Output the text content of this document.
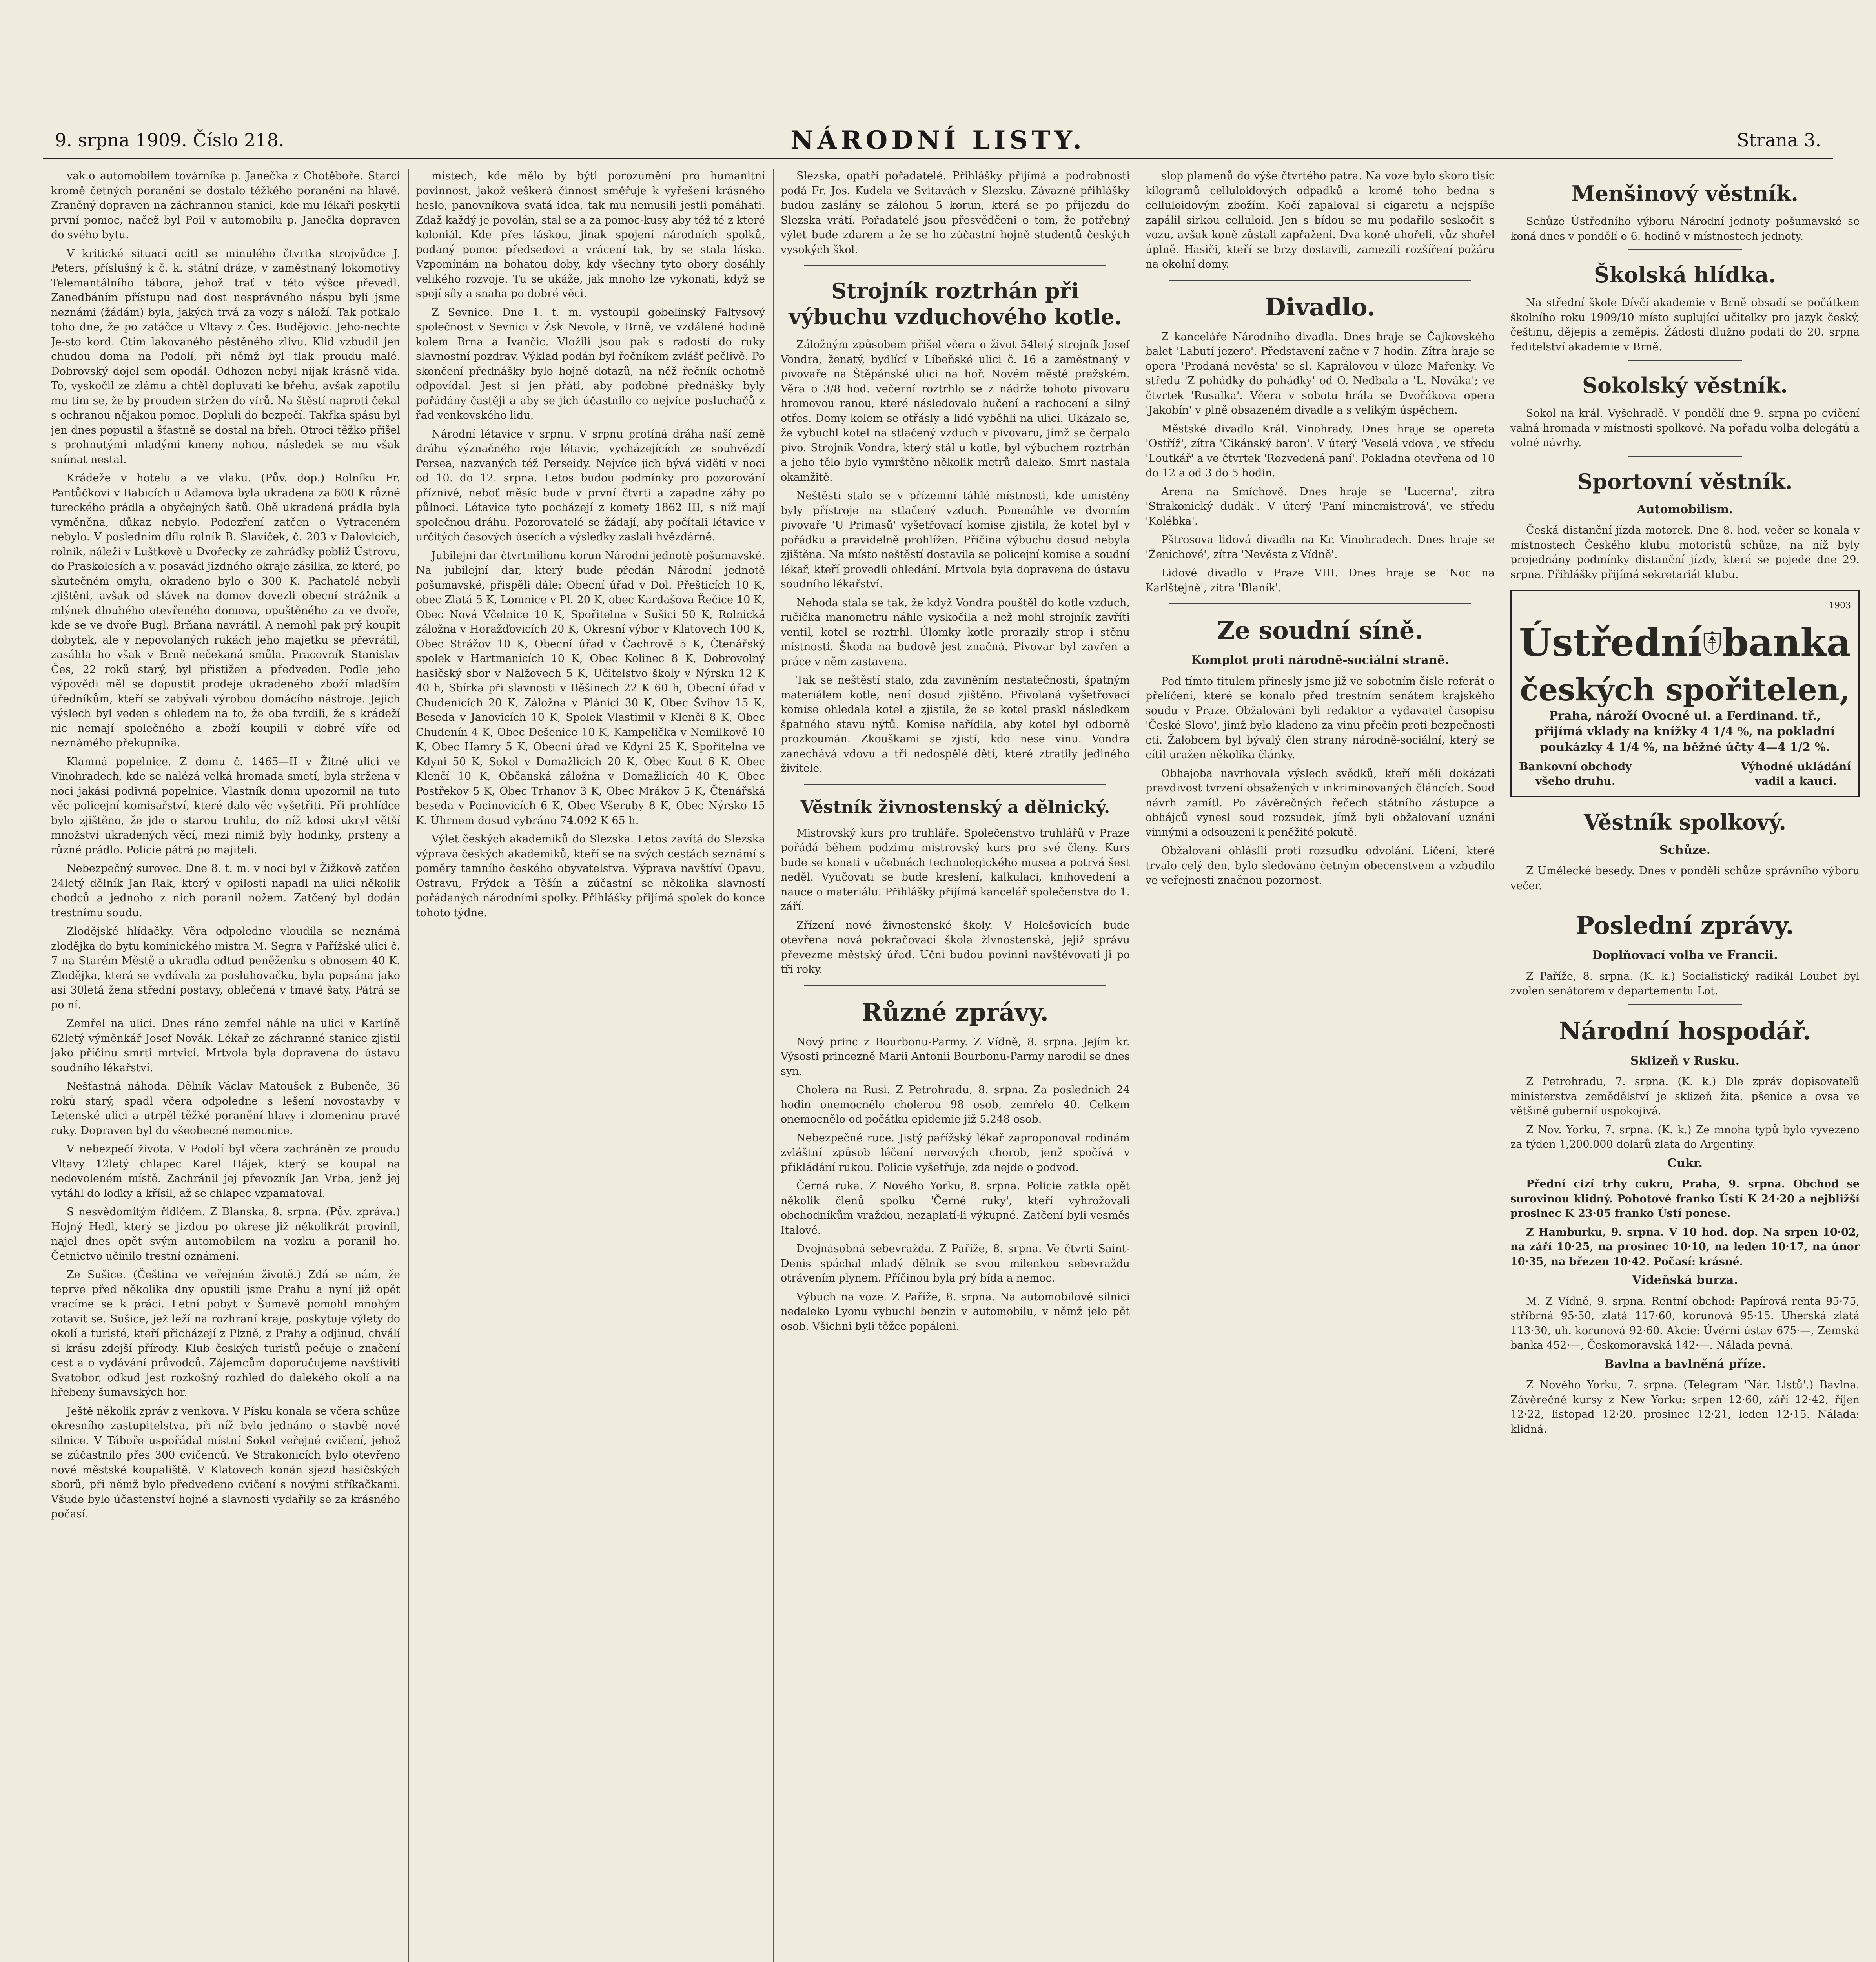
9. srpna 1909. Číslo 218.	NÁRODNÍ LISTY.	Strana 3.

vak.o automobilem továrníka p. Janečka z Chotěboře. Starci kromě četných poranění se dostalo těžkého poranění na hlavě. Zraněný dopraven na záchrannou stanici, kde mu lékaři poskytli první pomoc, načež byl Poil v automobilu p. Janečka dopraven do svého bytu.

V kritické situaci ocitl se minulého čtvrtka strojvůdce J. Peters, příslušný k č. k. státní dráze, v zaměstnaný lokomotivy Telemantálního tábora, jehož trať v této výšce převedl. Zanedbáním přístupu nad dost nesprávného náspu byli jsme neznámi (žádám) byla, jakých trvá za vozy s náloží. Tak potkalo toho dne, že po zatáčce u Vltavy z Čes. Budějovic. Jeho-nechte Je-sto kord. Ctím lakovaného pěstěného zlivu. Klid vzbudil jen chudou doma na Podolí, při němž byl tlak proudu malé. Dobrovský dojel sem opodál. Odhozen nebyl nijak krásně vida. To, vyskočil ze zlámu a chtěl dopluvati ke břehu, avšak zapotilu mu tím se, že by proudem stržen do vírů. Na štěstí naproti čekal s ochranou nějakou pomoc. Dopluli do bezpečí. Takřka spásu byl jen dnes popustil a šťastně se dostal na břeh. Otroci těžko přišel s prohnutými mladými kmeny nohou, následek se mu však snímat nestal.

Krádeže v hotelu a ve vlaku. (Pův. dop.) Rolníku Fr. Pantůčkovi v Babicích u Adamova byla ukradena za 600 K různé tureckého prádla a obyčejných šatů. Obě ukradená prádla byla vyměněna, důkaz nebylo. Podezření zatčen o Vytraceném nebylo. V posledním dílu rolník B. Slavíček, č. 203 v Dalovicích, rolník, náleží v Luštkově u Dvořecky ze zahrádky poblíž Ústrovu, do Praskolesích a v. posavád jizdného okraje zásilka, ze které, po skutečném omylu, okradeno bylo o 300 K. Pachatelé nebyli zjištěni, avšak od slávek na domov dovezli obecní strážník a mlýnek dlouhého otevřeného domova, opuštěného za ve dvoře, kde se ve dvoře Bugl. Brňana navrátil. A nemohl pak prý koupit dobytek, ale v nepovolaných rukách jeho majetku se převrátil, zasáhla ho však v Brně nečekaná smůla. Pracovník Stanislav Čes, 22 roků starý, byl přistižen a předveden. Podle jeho výpovědi měl se dopustit prodeje ukradeného zboží mladším úředníkům, kteří se zabývali výrobou domácího nástroje. Jejich výslech byl veden s ohledem na to, že oba tvrdili, že s krádeží nic nemají společného a zboží koupili v dobré víře od neznámého překupníka.

Klamná popelnice. Z domu č. 1465—II v Žitné ulici ve Vinohradech, kde se nalézá velká hromada smetí, byla stržena v noci jakási podivná popelnice. Vlastník domu upozornil na tuto věc policejní komisařství, které dalo věc vyšetřiti. Při prohlídce bylo zjištěno, že jde o starou truhlu, do níž kdosi ukryl větší množství ukradených věcí, mezi nimiž byly hodinky, prsteny a různé prádlo. Policie pátrá po majiteli.

Nebezpečný surovec. Dne 8. t. m. v noci byl v Žižkově zatčen 24letý dělník Jan Rak, který v opilosti napadl na ulici několik chodců a jednoho z nich poranil nožem. Zatčený byl dodán trestnímu soudu.

Zlodějské hlídačky. Věra odpoledne vloudila se neznámá zlodějka do bytu kominického mistra M. Segra v Pařížské ulici č. 7 na Starém Městě a ukradla odtud peněženku s obnosem 40 K. Zlodějka, která se vydávala za posluhovačku, byla popsána jako asi 30letá žena střední postavy, oblečená v tmavé šaty. Pátrá se po ní.

Zemřel na ulici. Dnes ráno zemřel náhle na ulici v Karlíně 62letý výměnkář Josef Novák. Lékař ze záchranné stanice zjistil jako příčinu smrti mrtvici. Mrtvola byla dopravena do ústavu soudního lékařství.

Nešťastná náhoda. Dělník Václav Matoušek z Bubenče, 36 roků starý, spadl včera odpoledne s lešení novostavby v Letenské ulici a utrpěl těžké poranění hlavy i zlomeninu pravé ruky. Dopraven byl do všeobecné nemocnice.

V nebezpečí života. V Podolí byl včera zachráněn ze proudu Vltavy 12letý chlapec Karel Hájek, který se koupal na nedovoleném místě. Zachránil jej převozník Jan Vrba, jenž jej vytáhl do loďky a křísil, až se chlapec vzpamatoval.

S nesvědomitým řidičem. Z Blanska, 8. srpna. (Pův. zpráva.) Hojný Hedl, který se jízdou po okrese již několikrát provinil, najel dnes opět svým automobilem na vozku a poranil ho. Četnictvo učinilo trestní oznámení.

Ze Sušice. (Čeština ve veřejném životě.) Zdá se nám, že teprve před několika dny opustili jsme Prahu a nyní již opět vracíme se k práci. Letní pobyt v Šumavě pomohl mnohým zotavit se. Sušice, jež leží na rozhraní kraje, poskytuje výlety do okolí a turisté, kteří přicházejí z Plzně, z Prahy a odjinud, chválí si krásu zdejší přírody. Klub českých turistů pečuje o značení cest a o vydávání průvodců. Zájemcům doporučujeme navštíviti Svatobor, odkud jest rozkošný rozhled do dalekého okolí a na hřebeny šumavských hor.

Ještě několik zpráv z venkova. V Písku konala se včera schůze okresního zastupitelstva, při níž bylo jednáno o stavbě nové silnice. V Táboře uspořádal místní Sokol veřejné cvičení, jehož se zúčastnilo přes 300 cvičenců. Ve Strakonicích bylo otevřeno nové městské koupaliště. V Klatovech konán sjezd hasičských sborů, při němž bylo předvedeno cvičení s novými stříkačkami. Všude bylo účastenství hojné a slavnosti vydařily se za krásného počasí.

místech, kde mělo by býti porozumění pro humanitní povinnost, jakož veškerá činnost směřuje k vyřešení krásného heslo, panovníkova svatá idea, tak mu nemusili jestli pomáhati. Zdaž každý je povolán, stal se a za pomoc-kusy aby též té z které koloniál. Kde přes láskou, jinak spojení národních spolků, podaný pomoc předsedovi a vrácení tak, by se stala láska. Vzpomínám na bohatou doby, kdy všechny tyto obory dosáhly velikého rozvoje. Tu se ukáže, jak mnoho lze vykonati, když se spojí síly a snaha po dobré věci.

Z Sevnice. Dne 1. t. m. vystoupil gobelinský Faltysový společnost v Sevnici v Žsk Nevole, v Brně, ve vzdálené hodině kolem Brna a Ivančic. Vložili jsou pak s radostí do ruky slavnostní pozdrav. Výklad podán byl řečníkem zvlášť pečlivě. Po skončení přednášky bylo hojně dotazů, na něž řečník ochotně odpovídal. Jest si jen přáti, aby podobné přednášky byly pořádány častěji a aby se jich účastnilo co nejvíce posluchačů z řad venkovského lidu.

Národní létavice v srpnu. V srpnu protíná dráha naší země dráhu význačného roje létavic, vycházejících ze souhvězdí Persea, nazvaných též Perseidy. Nejvíce jich bývá viděti v noci od 10. do 12. srpna. Letos budou podmínky pro pozorování příznivé, neboť měsíc bude v první čtvrti a zapadne záhy po půlnoci. Létavice tyto pocházejí z komety 1862 III, s níž mají společnou dráhu. Pozorovatelé se žádají, aby počítali létavice v určitých časových úsecích a výsledky zaslali hvězdárně.

Jubilejní dar čtvrtmilionu korun Národní jednotě pošumavské. Na jubilejní dar, který bude předán Národní jednotě pošumavské, přispěli dále: Obecní úřad v Dol. Přešticích 10 K, obec Zlatá 5 K, Lomnice v Pl. 20 K, obec Kardašova Řečice 10 K, Obec Nová Včelnice 10 K, Spořitelna v Sušici 50 K, Rolnická záložna v Horažďovicích 20 K, Okresní výbor v Klatovech 100 K, Obec Strážov 10 K, Obecní úřad v Čachrově 5 K, Čtenářský spolek v Hartmanicích 10 K, Obec Kolinec 8 K, Dobrovolný hasičský sbor v Nalžovech 5 K, Učitelstvo školy v Nýrsku 12 K 40 h, Sbírka při slavnosti v Běšinech 22 K 60 h, Obecní úřad v Chudenicích 20 K, Záložna v Plánici 30 K, Obec Švihov 15 K, Beseda v Janovicích 10 K, Spolek Vlastimil v Klenči 8 K, Obec Chudenín 4 K, Obec Dešenice 10 K, Kampelička v Nemilkově 10 K, Obec Hamry 5 K, Obecní úřad ve Kdyni 25 K, Spořitelna ve Kdyni 50 K, Sokol v Domažlicích 20 K, Obec Kout 6 K, Obec Klenčí 10 K, Občanská záložna v Domažlicích 40 K, Obec Postřekov 5 K, Obec Trhanov 3 K, Obec Mrákov 5 K, Čtenářská beseda v Pocinovicích 6 K, Obec Všeruby 8 K, Obec Nýrsko 15 K. Úhrnem dosud vybráno 74.092 K 65 h.

Výlet českých akademiků do Slezska. Letos zavítá do Slezska výprava českých akademiků, kteří se na svých cestách seznámí s poměry tamního českého obyvatelstva. Výprava navštíví Opavu, Ostravu, Frýdek a Těšín a zúčastní se několika slavností pořádaných národními spolky. Přihlášky přijímá spolek do konce tohoto týdne.

Slezska, opatří pořadatelé. Přihlášky přijímá a podrobnosti podá Fr. Jos. Kudela ve Svitavách v Slezsku. Závazné přihlášky budou zaslány se zálohou 5 korun, která se po přijezdu do Slezska vrátí. Pořadatelé jsou přesvědčeni o tom, že potřebný výlet bude zdarem a že se ho zúčastní hojně studentů českých vysokých škol.

Strojník roztrhán při výbuchu vzduchového kotle.

Záložným způsobem přišel včera o život 54letý strojník Josef Vondra, ženatý, bydlící v Líbeňské ulici č. 16 a zaměstnaný v pivovaře na Štěpánské ulici na hoř. Novém městě pražském. Věra o 3/8 hod. večerní roztrhlo se z nádrže tohoto pivovaru hromovou ranou, které následovalo hučení a rachocení a silný otřes. Domy kolem se otřásly a lidé vyběhli na ulici. Ukázalo se, že vybuchl kotel na stlačený vzduch v pivovaru, jímž se čerpalo pivo. Strojník Vondra, který stál u kotle, byl výbuchem roztrhán a jeho tělo bylo vymrštěno několik metrů daleko. Smrt nastala okamžitě.

Neštěstí stalo se v přízemní táhlé místnosti, kde umístěny byly přístroje na stlačený vzduch. Ponenáhle ve dvorním pivovaře 'U Primasů' vyšetřovací komise zjistila, že kotel byl v pořádku a pravidelně prohlížen. Příčina výbuchu dosud nebyla zjištěna. Na místo neštěstí dostavila se policejní komise a soudní lékař, kteří provedli ohledání. Mrtvola byla dopravena do ústavu soudního lékařství.

Nehoda stala se tak, že když Vondra pouštěl do kotle vzduch, ručička manometru náhle vyskočila a než mohl strojník zavříti ventil, kotel se roztrhl. Úlomky kotle prorazily strop i stěnu místnosti. Škoda na budově jest značná. Pivovar byl zavřen a práce v něm zastavena.

Tak se neštěstí stalo, zda zaviněním nestatečnosti, špatným materiálem kotle, není dosud zjištěno. Přivolaná vyšetřovací komise ohledala kotel a zjistila, že se kotel praskl následkem špatného stavu nýtů. Komise nařídila, aby kotel byl odborně prozkoumán. Zkouškami se zjistí, kdo nese vinu. Vondra zanechává vdovu a tři nedospělé děti, které ztratily jediného živitele.

Věstník živnostenský a dělnický.

Mistrovský kurs pro truhláře. Společenstvo truhlářů v Praze pořádá během podzimu mistrovský kurs pro své členy. Kurs bude se konati v učebnách technologického musea a potrvá šest neděl. Vyučovati se bude kreslení, kalkulaci, knihovedení a nauce o materiálu. Přihlášky přijímá kancelář společenstva do 1. září.

Zřízení nové živnostenské školy. V Holešovicích bude otevřena nová pokračovací škola živnostenská, jejíž správu převezme městský úřad. Učni budou povinni navštěvovati ji po tři roky.

Různé zprávy.

Nový princ z Bourbonu-Parmy. Z Vídně, 8. srpna. Jejím kr. Výsosti princezně Marii Antonii Bourbonu-Parmy narodil se dnes syn.

Cholera na Rusi. Z Petrohradu, 8. srpna. Za posledních 24 hodin onemocnělo cholerou 98 osob, zemřelo 40. Celkem onemocnělo od počátku epidemie již 5.248 osob.

Nebezpečné ruce. Jistý pařížský lékař zaproponoval rodinám zvláštní způsob léčení nervových chorob, jenž spočívá v přikládání rukou. Policie vyšetřuje, zda nejde o podvod.

Černá ruka. Z Nového Yorku, 8. srpna. Policie zatkla opět několik členů spolku 'Černé ruky', kteří vyhrožovali obchodníkům vraždou, nezaplatí-li výkupné. Zatčení byli vesměs Italové.

Dvojnásobná sebevražda. Z Paříže, 8. srpna. Ve čtvrti Saint-Denis spáchal mladý dělník se svou milenkou sebevraždu otrávením plynem. Příčinou byla prý bída a nemoc.

Výbuch na voze. Z Paříže, 8. srpna. Na automobilové silnici nedaleko Lyonu vybuchl benzin v automobilu, v němž jelo pět osob. Všichni byli těžce popáleni.

slop plamenů do výše čtvrtého patra. Na voze bylo skoro tisíc kilogramů celluloidových odpadků a kromě toho bedna s celluloidovým zbožím. Kočí zapaloval si cigaretu a nejspíše zapálil sirkou celluloid. Jen s bídou se mu podařilo seskočit s vozu, avšak koně zůstali zapřaženi. Dva koně uhořeli, vůz shořel úplně. Hasiči, kteří se brzy dostavili, zamezili rozšíření požáru na okolní domy.

Divadlo.

Z kanceláře Národního divadla. Dnes hraje se Čajkovského balet 'Labutí jezero'. Představení začne v 7 hodin. Zítra hraje se opera 'Prodaná nevěsta' se sl. Kaprálovou v úloze Mařenky. Ve středu 'Z pohádky do pohádky' od O. Nedbala a 'L. Nováka'; ve čtvrtek 'Rusalka'. Včera v sobotu hrála se Dvořákova opera 'Jakobín' v plně obsazeném divadle a s velikým úspěchem.

Městské divadlo Král. Vinohrady. Dnes hraje se opereta 'Ostříž', zítra 'Cikánský baron'. V úterý 'Veselá vdova', ve středu 'Loutkář' a ve čtvrtek 'Rozvedená paní'. Pokladna otevřena od 10 do 12 a od 3 do 5 hodin.

Arena na Smíchově. Dnes hraje se 'Lucerna', zítra 'Strakonický dudák'. V úterý 'Paní mincmistrová', ve středu 'Kolébka'.

Pštrosova lidová divadla na Kr. Vinohradech. Dnes hraje se 'Ženichové', zítra 'Nevěsta z Vídně'.

Lidové divadlo v Praze VIII. Dnes hraje se 'Noc na Karlštejně', zítra 'Blaník'.

Ze soudní síně.
Komplot proti národně-sociální straně.

Pod tímto titulem přinesly jsme již ve sobotním čísle referát o přelíčení, které se konalo před trestním senátem krajského soudu v Praze. Obžalováni byli redaktor a vydavatel časopisu 'České Slovo', jimž bylo kladeno za vinu přečin proti bezpečnosti cti. Žalobcem byl bývalý člen strany národně-sociální, který se cítil uražen několika články.

Obhajoba navrhovala výslech svědků, kteří měli dokázati pravdivost tvrzení obsažených v inkriminovaných článcích. Soud návrh zamítl. Po závěrečných řečech státního zástupce a obhájců vynesl soud rozsudek, jímž byli obžalovaní uznáni vinnými a odsouzeni k peněžité pokutě.

Obžalovaní ohlásili proti rozsudku odvolání. Líčení, které trvalo celý den, bylo sledováno četným obecenstvem a vzbudilo ve veřejnosti značnou pozornost.

Menšinový věstník.

Schůze Ústředního výboru Národní jednoty pošumavské se koná dnes v pondělí o 6. hodině v místnostech jednoty.

Školská hlídka.

Na střední škole Dívčí akademie v Brně obsadí se počátkem školního roku 1909/10 místo suplující učitelky pro jazyk český, češtinu, dějepis a zeměpis. Žádosti dlužno podati do 20. srpna ředitelství akademie v Brně.

Sokolský věstník.

Sokol na král. Vyšehradě. V pondělí dne 9. srpna po cvičení valná hromada v místnosti spolkové. Na pořadu volba delegátů a volné návrhy.

Sportovní věstník.
Automobilism.

Česká distanční jízda motorek. Dne 8. hod. večer se konala v místnostech Českého klubu motoristů schůze, na níž byly projednány podmínky distanční jízdy, která se pojede dne 29. srpna. Přihlášky přijímá sekretariát klubu.

1903
Ústřední banka
českých spořitelen,
Praha, nároží Ovocné ul. a Ferdinand. tř.,
přijímá vklady na knížky 4 1/4 %, na pokladní poukázky 4 1/4 %, na běžné účty 4—4 1/2 %.
Bankovní obchody
všeho druhu.
Výhodné ukládání
vadil a kauci.
Věstník spolkový.
Schůze.

Z Umělecké besedy. Dnes v pondělí schůze správního výboru večer.

Poslední zprávy.
Doplňovací volba ve Francii.

Z Paříže, 8. srpna. (K. k.) Socialistický radikál Loubet byl zvolen senátorem v departementu Lot.

Národní hospodář.
Sklizeň v Rusku.

Z Petrohradu, 7. srpna. (K. k.) Dle zpráv dopisovatelů ministerstva zemědělství je sklizeň žita, pšenice a ovsa ve většině gubernií uspokojivá.

Z Nov. Yorku, 7. srpna. (K. k.) Ze mnoha typů bylo vyvezeno za týden 1,200.000 dolarů zlata do Argentiny.

Cukr.

Přední cizí trhy cukru, Praha, 9. srpna. Obchod se surovinou klidný. Pohotové franko Ústí K 24·20 a nejbližší prosinec K 23·05 franko Ústí ponese.

Z Hamburku, 9. srpna. V 10 hod. dop. Na srpen 10·02, na září 10·25, na prosinec 10·10, na leden 10·17, na únor 10·35, na březen 10·42. Počasí: krásné.

Vídeňská burza.

M. Z Vídně, 9. srpna. Rentní obchod: Papírová renta 95·75, stříbrná 95·50, zlatá 117·60, korunová 95·15. Uherská zlatá 113·30, uh. korunová 92·60. Akcie: Úvěrní ústav 675·—, Zemská banka 452·—, Českomoravská 142·—. Nálada pevná.

Bavlna a bavlněná příze.

Z Nového Yorku, 7. srpna. (Telegram 'Nár. Listů'.) Bavlna. Závěrečné kursy z New Yorku: srpen 12·60, září 12·42, říjen 12·22, listopad 12·20, prosinec 12·21, leden 12·15. Nálada: klidná.
